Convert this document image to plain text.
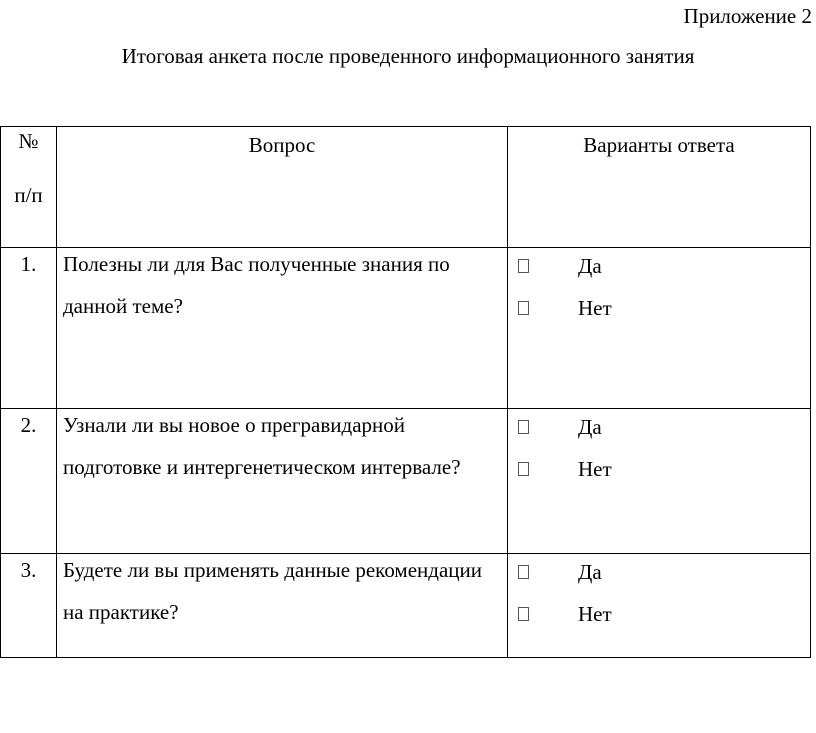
Приложение 2
Итоговая анкета после проведенного информационного занятия
№
п/п	Вопрос	Варианты ответа
1.	Полезны ли для Вас полученные знания по данной теме?	Да
Нет

2.	Узнали ли вы новое о прегравидарной подготовке и интергенетическом интервале?	Да
Нет

3.	Будете ли вы применять данные рекомендации на практике?	Да
Нет
